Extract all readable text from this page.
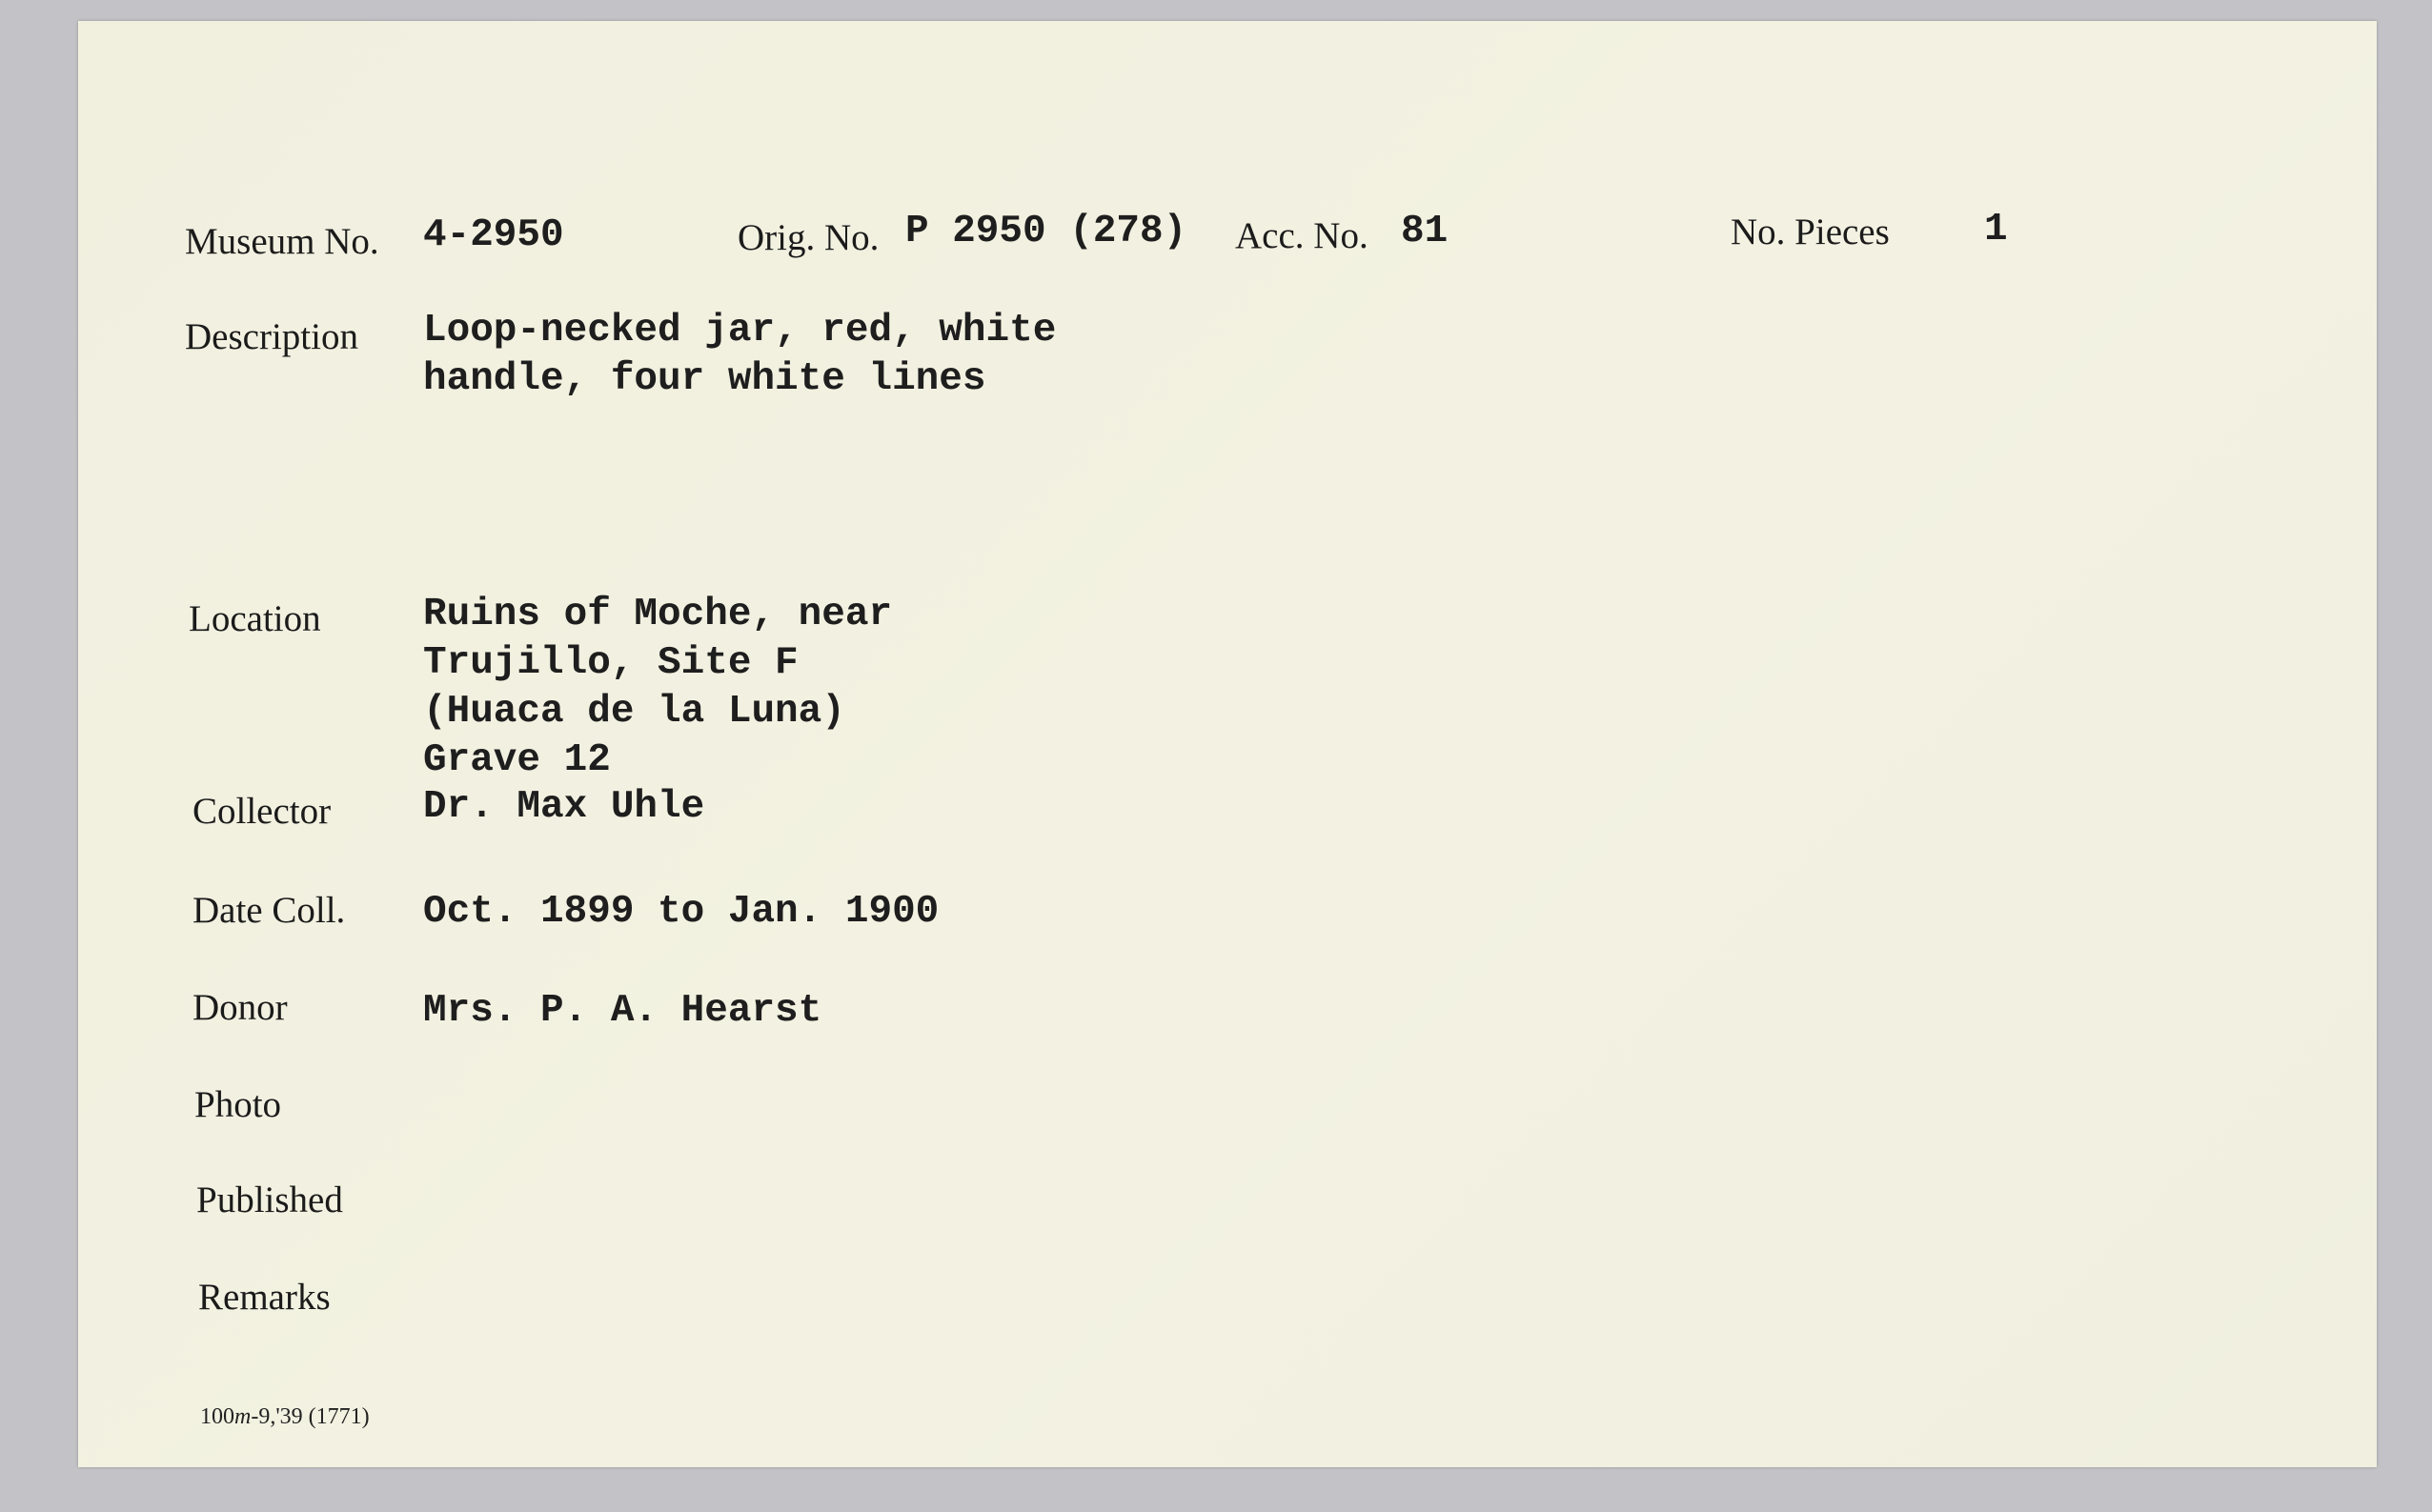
Museum No. 4-2950	Orig. No. P 2950 (278) Acc. No. 81	No. Pieces 1
Description Loop-necked jar, red, white
handle, four white lines
Location	Ruins of Moche, near
Trujillo, Site F
(Huaca de la Luna)
Grave 12
Collector Dr. Max Uhle
Date Coll. Oct. 1899 to Jan. 1900
Donor	Mrs. P. A. Hearst
Photo
Published
Remarks
100m-9,'39 (1771)
